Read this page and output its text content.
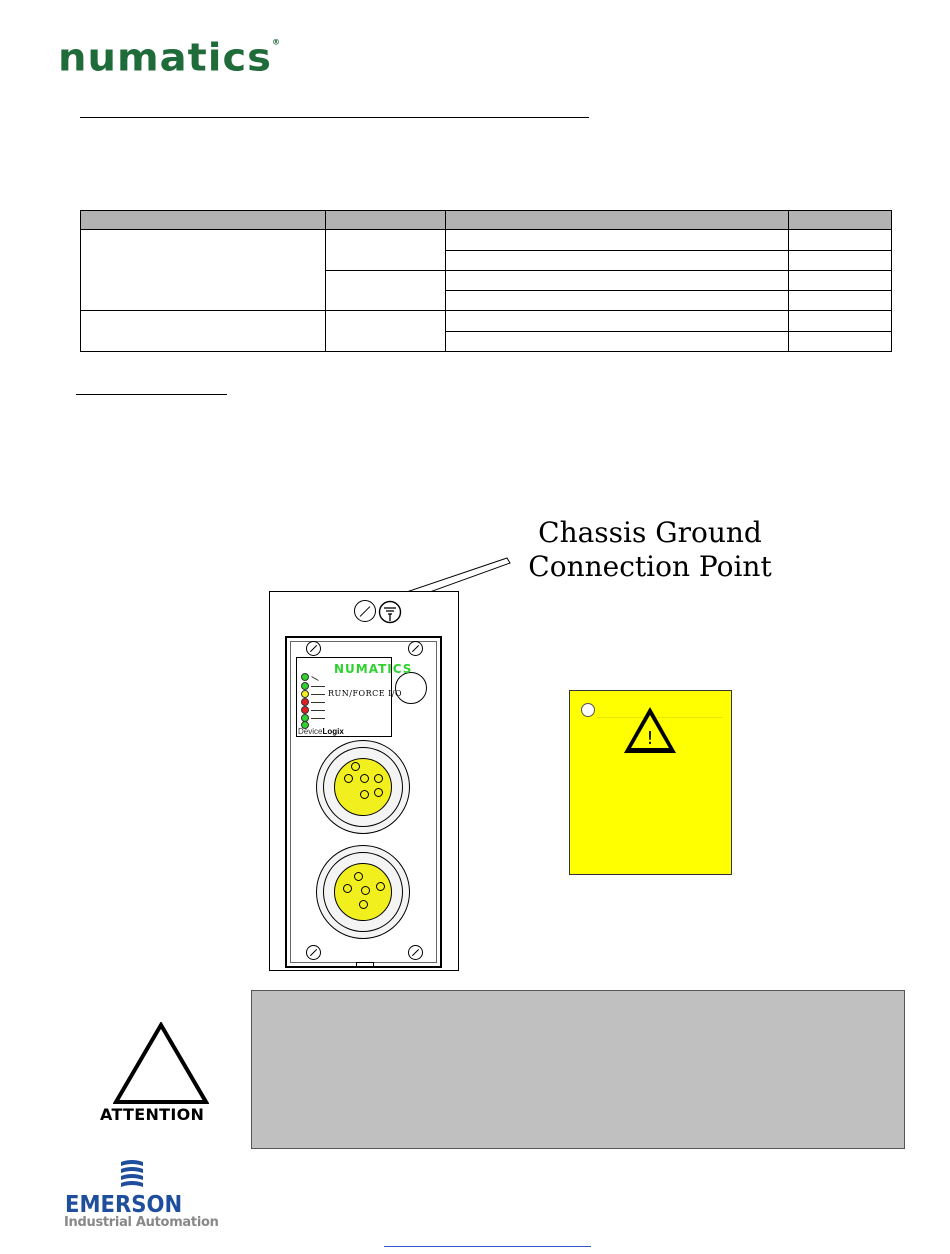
numatics®

Chassis Ground
Connection Point
NUMATICS
RUN/FORCE I/O
DeviceLogix	!
ATTENTION
EMERSON
Industrial Automation
